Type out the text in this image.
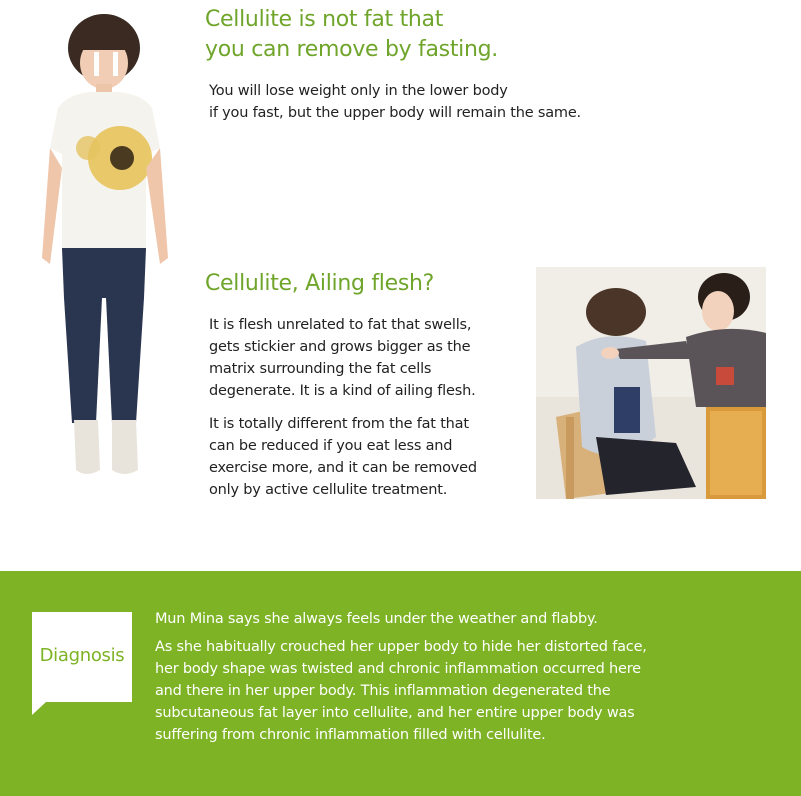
Cellulite is not fat that
you can remove by fasting.

You will lose weight only in the lower body
if you fast, but the upper body will remain the same.

Cellulite, Ailing flesh?

It is flesh unrelated to fat that swells,
gets stickier and grows bigger as the
matrix surrounding the fat cells
degenerate. It is a kind of ailing flesh.

It is totally different from the fat that
can be reduced if you eat less and
exercise more, and it can be removed
only by active cellulite treatment.

Diagnosis

Mun Mina says she always feels under the weather and flabby.

As she habitually crouched her upper body to hide her distorted face,
her body shape was twisted and chronic inflammation occurred here
and there in her upper body. This inflammation degenerated the
subcutaneous fat layer into cellulite, and her entire upper body was
suffering from chronic inflammation filled with cellulite.
